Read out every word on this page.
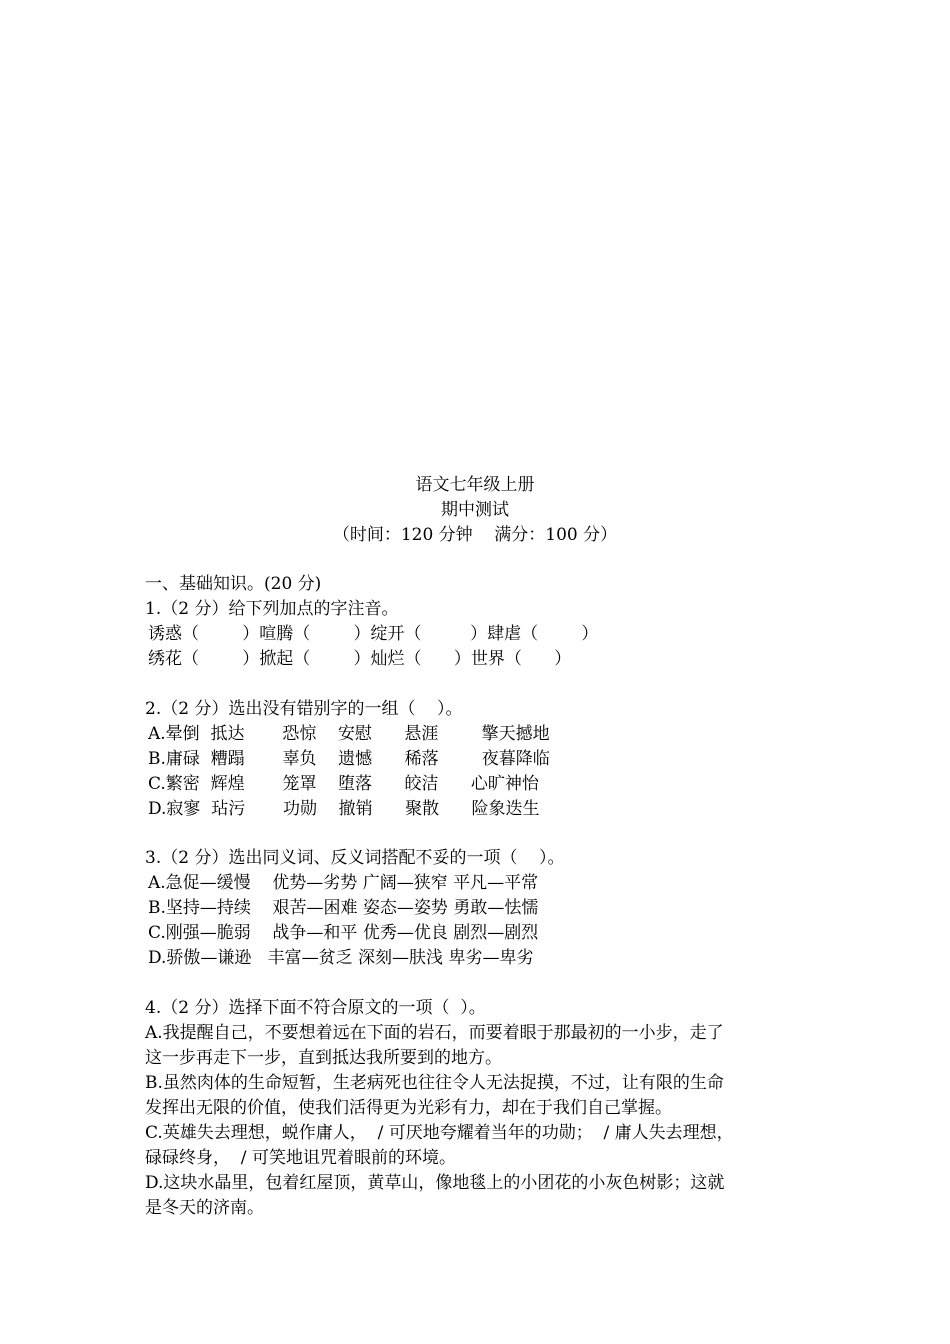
语文七年级上册
期中测试
（时间：120 分钟    满分：100 分）
一、基础知识。(20 分)
1.（2 分）给下列加点的字注音。
诱惑（        ）喧腾（        ）绽开（         ）肆虐（        ）
绣花（        ）掀起（        ）灿烂（      ）世界（      ）
2.（2 分）选出没有错别字的一组（    ）。
A.晕倒  抵达       恐惊    安慰      悬涯        擎天撼地
B.庸碌  糟蹋       辜负    遗憾      稀落        夜暮降临
C.繁密  辉煌       笼罩    堕落      皎洁      心旷神怡
D.寂寥  玷污       功勋    撤销      聚散      险象迭生
3.（2 分）选出同义词、反义词搭配不妥的一项（    ）。
A.急促—缓慢    优势—劣势 广阔—狭窄 平凡—平常
B.坚持—持续    艰苦—困难 姿态—姿势 勇敢—怯懦
C.刚强—脆弱    战争—和平 优秀—优良 剧烈—剧烈
D.骄傲—谦逊   丰富—贫乏 深刻—肤浅 卑劣—卑劣
4.（2 分）选择下面不符合原文的一项（  ）。
A.我提醒自己，不要想着远在下面的岩石，而要着眼于那最初的一小步，走了
这一步再走下一步，直到抵达我所要到的地方。
B.虽然肉体的生命短暂，生老病死也往往令人无法捉摸，不过，让有限的生命
发挥出无限的价值，使我们活得更为光彩有力，却在于我们自己掌握。
C.英雄失去理想，蜕作庸人，  / 可厌地夸耀着当年的功勋；  / 庸人失去理想，
碌碌终身，  / 可笑地诅咒着眼前的环境。
D.这块水晶里，包着红屋顶，黄草山，像地毯上的小团花的小灰色树影；这就
是冬天的济南。
